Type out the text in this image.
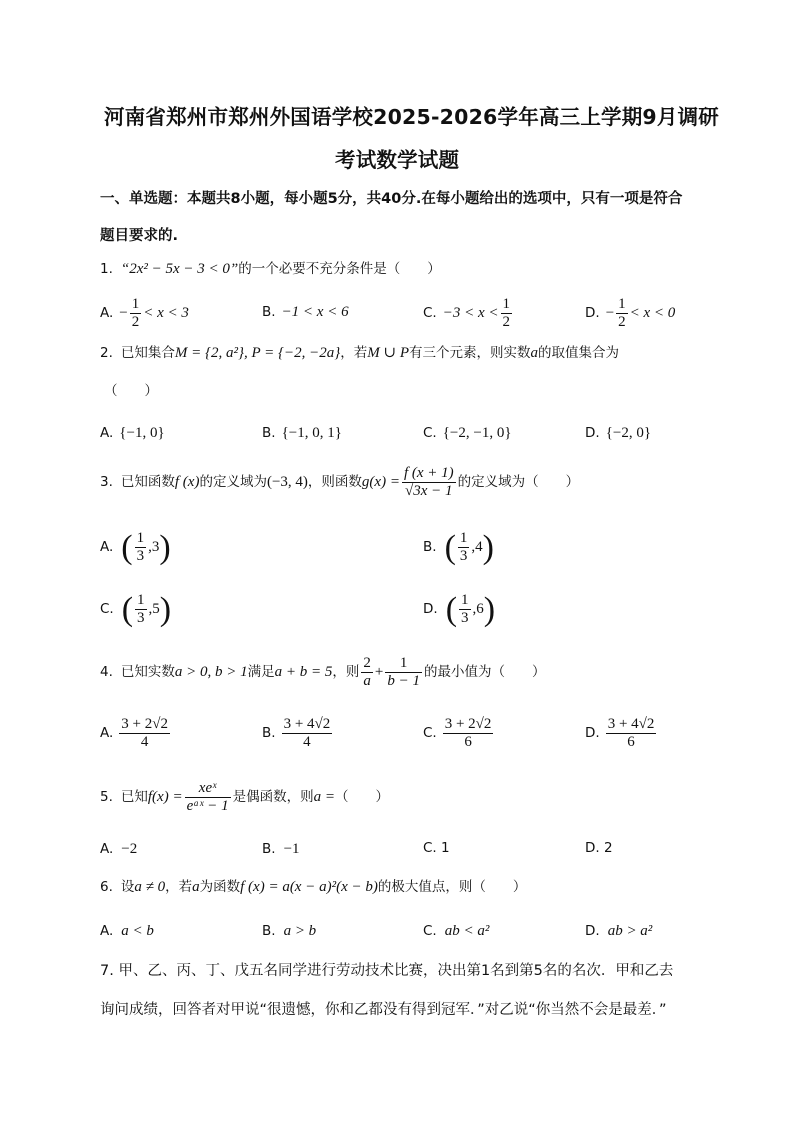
河南省郑州市郑州外国语学校2025-2026学年高三上学期9月调研
考试数学试题
一、单选题：本题共8小题，每小题5分，共40分.在每小题给出的选项中，只有一项是符合
题目要求的.
1. “2x² − 5x − 3 < 0” 的一个必要不充分条件是（　　）
A. − $\frac{1}{2} < x < 3$	B. −1 < x < 6	C. $-3 < x < \frac{1}{2}$	D. − $\frac{1}{2} < x < 0$
2. 已知集合 M = {2, a²}, P = {−2, −2a} ，若 M ∪ P 有三个元素，则实数 a 的取值集合为
（　　）
A. {−1, 0}	B. {−1, 0, 1}	C. {−2, −1, 0}	D. {−2, 0}
3. 已知函数 f (x) 的定义域为 (−3, 4) ，则函数 $g(x) = \frac{f (x + 1)}{√3x - 1}$ 的定义域为（　　）
A. ( $\frac{1}{3}$ , 3 )	B. ( $\frac{1}{3}$ , 4 )
C. ( $\frac{1}{3}$ , 5 )	D. ( $\frac{1}{3}$ , 6 )
4. 已知实数 a > 0, b > 1 满足 a + b = 5 ，则 $\frac{2}{a} + \frac{1}{b - 1}$ 的最小值为（　　）
A. $\frac{3 + 2√2}{4}$	B. $\frac{3 + 4√2}{4}$	C. $\frac{3 + 2√2}{6}$	D. $\frac{3 + 4√2}{6}$
5. 已知 $f(x) = \frac{\text{xeˣ}}{\text{eᵃˣ − 1}}$ 是偶函数，则 a = （　　）
A. −2	B. −1	C. 1	D. 2
6. 设 a ≠ 0 ，若 a 为函数 f (x) = a(x − a)²(x − b) 的极大值点，则（　　）
A. a < b	B. a > b	C. ab < a²	D. ab > a²
7. 甲、乙、丙、丁、戊五名同学进行劳动技术比赛，决出第1名到第5名的名次．甲和乙去
询问成绩，回答者对甲说“很遗憾，你和乙都没有得到冠军．”对乙说“你当然不会是最差．”
